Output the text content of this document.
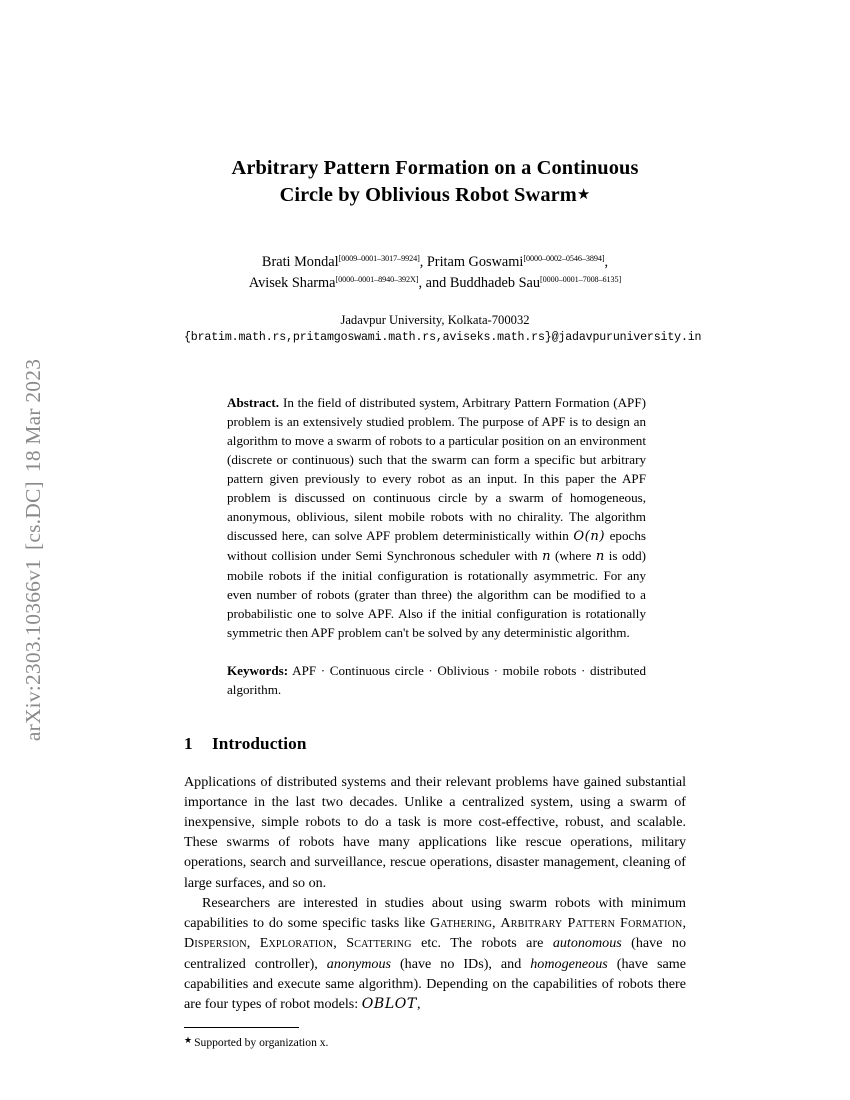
arXiv:2303.10366v1[cs.DC]18 Mar 2023
Arbitrary Pattern Formation on a Continuous
Circle by Oblivious Robot Swarm★
Brati Mondal[0009–0001–3017–9924], Pritam Goswami[0000–0002–0546–3894],
Avisek Sharma[0000–0001–8940–392X], and Buddhadeb Sau[0000–0001–7008–6135]

Jadavpur University, Kolkata-700032

{bratim.math.rs,pritamgoswami.math.rs,aviseks.math.rs}@jadavpuruniversity.in

Abstract. In the field of distributed system, Arbitrary Pattern Formation (APF) problem is an extensively studied problem. The purpose of APF is to design an algorithm to move a swarm of robots to a particular position on an environment (discrete or continuous) such that the swarm can form a specific but arbitrary pattern given previously to every robot as an input. In this paper the APF problem is discussed on continuous circle by a swarm of homogeneous, anonymous, oblivious, silent mobile robots with no chirality. The algorithm discussed here, can solve APF problem deterministically within O(n) epochs without collision under Semi Synchronous scheduler with n (where n is odd) mobile robots if the initial configuration is rotationally asymmetric. For any even number of robots (grater than three) the algorithm can be modified to a probabilistic one to solve APF. Also if the initial configuration is rotationally symmetric then APF problem can't be solved by any deterministic algorithm.

Keywords: APF · Continuous circle · Oblivious · mobile robots · distributed algorithm.

1 Introduction

Applications of distributed systems and their relevant problems have gained substantial importance in the last two decades. Unlike a centralized system, using a swarm of inexpensive, simple robots to do a task is more cost-effective, robust, and scalable. These swarms of robots have many applications like rescue operations, military operations, search and surveillance, rescue operations, disaster management, cleaning of large surfaces, and so on.

Researchers are interested in studies about using swarm robots with minimum capabilities to do some specific tasks like Gathering, Arbitrary Pattern Formation, Dispersion, Exploration, Scattering etc. The robots are autonomous (have no centralized controller), anonymous (have no IDs), and homogeneous (have same capabilities and execute same algorithm). Depending on the capabilities of robots there are four types of robot models: OBLOT,

★ Supported by organization x.
